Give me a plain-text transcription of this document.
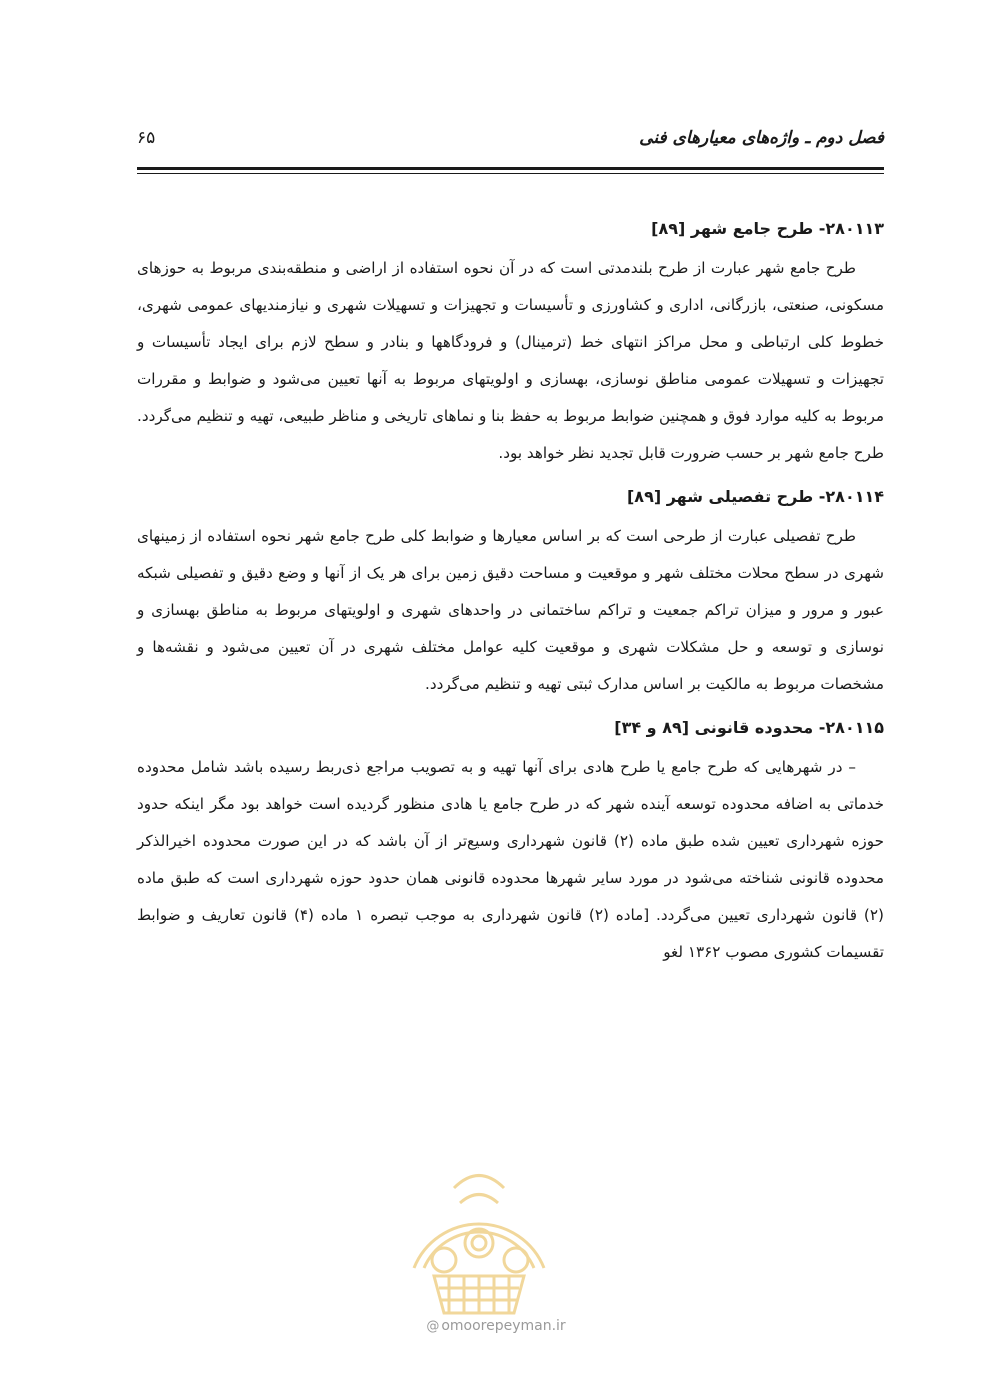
فصل دوم ـ واژه‌های معیارهای فنی
۶۵
۲۸۰۱۱۳- طرح جامع شهر [۸۹]

طرح جامع شهر عبارت از طرح بلندمدتی است که در آن نحوه استفاده از اراضی و منطقه‌بندی مربوط به حوزهای مسکونی، صنعتی، بازرگانی، اداری و کشاورزی و تأسیسات و تجهیزات و تسهیلات شهری و نیازمندیهای عمومی شهری، خطوط کلی ارتباطی و محل مراکز انتهای خط (ترمینال) و فرودگاهها و بنادر و سطح لازم برای ایجاد تأسیسات و تجهیزات و تسهیلات عمومی مناطق نوسازی، بهسازی و اولویتهای مربوط به آنها تعیین می‌شود و ضوابط و مقررات مربوط به کلیه موارد فوق و همچنین ضوابط مربوط به حفظ بنا و نماهای تاریخی و مناظر طبیعی، تهیه و تنظیم می‌گردد. طرح جامع شهر بر حسب ضرورت قابل تجدید نظر خواهد بود.

۲۸۰۱۱۴- طرح تفصیلی شهر [۸۹]

طرح تفصیلی عبارت از طرحی است که بر اساس معیارها و ضوابط کلی طرح جامع شهر نحوه استفاده از زمینهای شهری در سطح محلات مختلف شهر و موقعیت و مساحت دقیق زمین برای هر یک از آنها و وضع دقیق و تفصیلی شبکه عبور و مرور و میزان تراکم جمعیت و تراکم ساختمانی در واحدهای شهری و اولویتهای مربوط به مناطق بهسازی و نوسازی و توسعه و حل مشکلات شهری و موقعیت کلیه عوامل مختلف شهری در آن تعیین می‌شود و نقشه‌ها و مشخصات مربوط به مالکیت بر اساس مدارک ثبتی تهیه و تنظیم می‌گردد.

۲۸۰۱۱۵- محدوده قانونی [۸۹ و ۳۴]

– در شهرهایی که طرح جامع یا طرح هادی برای آنها تهیه و به تصویب مراجع ذی‌ربط رسیده باشد شامل محدوده خدماتی به اضافه محدوده توسعه آینده شهر که در طرح جامع یا هادی منظور گردیده است خواهد بود مگر اینکه حدود حوزه شهرداری تعیین شده طبق ماده (۲) قانون شهرداری وسیع‌تر از آن باشد که در این صورت محدوده اخیرالذکر محدوده قانونی شناخته می‌شود در مورد سایر شهرها محدوده قانونی همان حدود حوزه شهرداری است که طبق ماده (۲) قانون شهرداری تعیین می‌گردد. [ماده (۲) قانون شهرداری به موجب تبصره ۱ ماده (۴) قانون تعاریف و ضوابط تقسیمات کشوری مصوب ۱۳۶۲ لغو

@ omoorepeyman.ir
